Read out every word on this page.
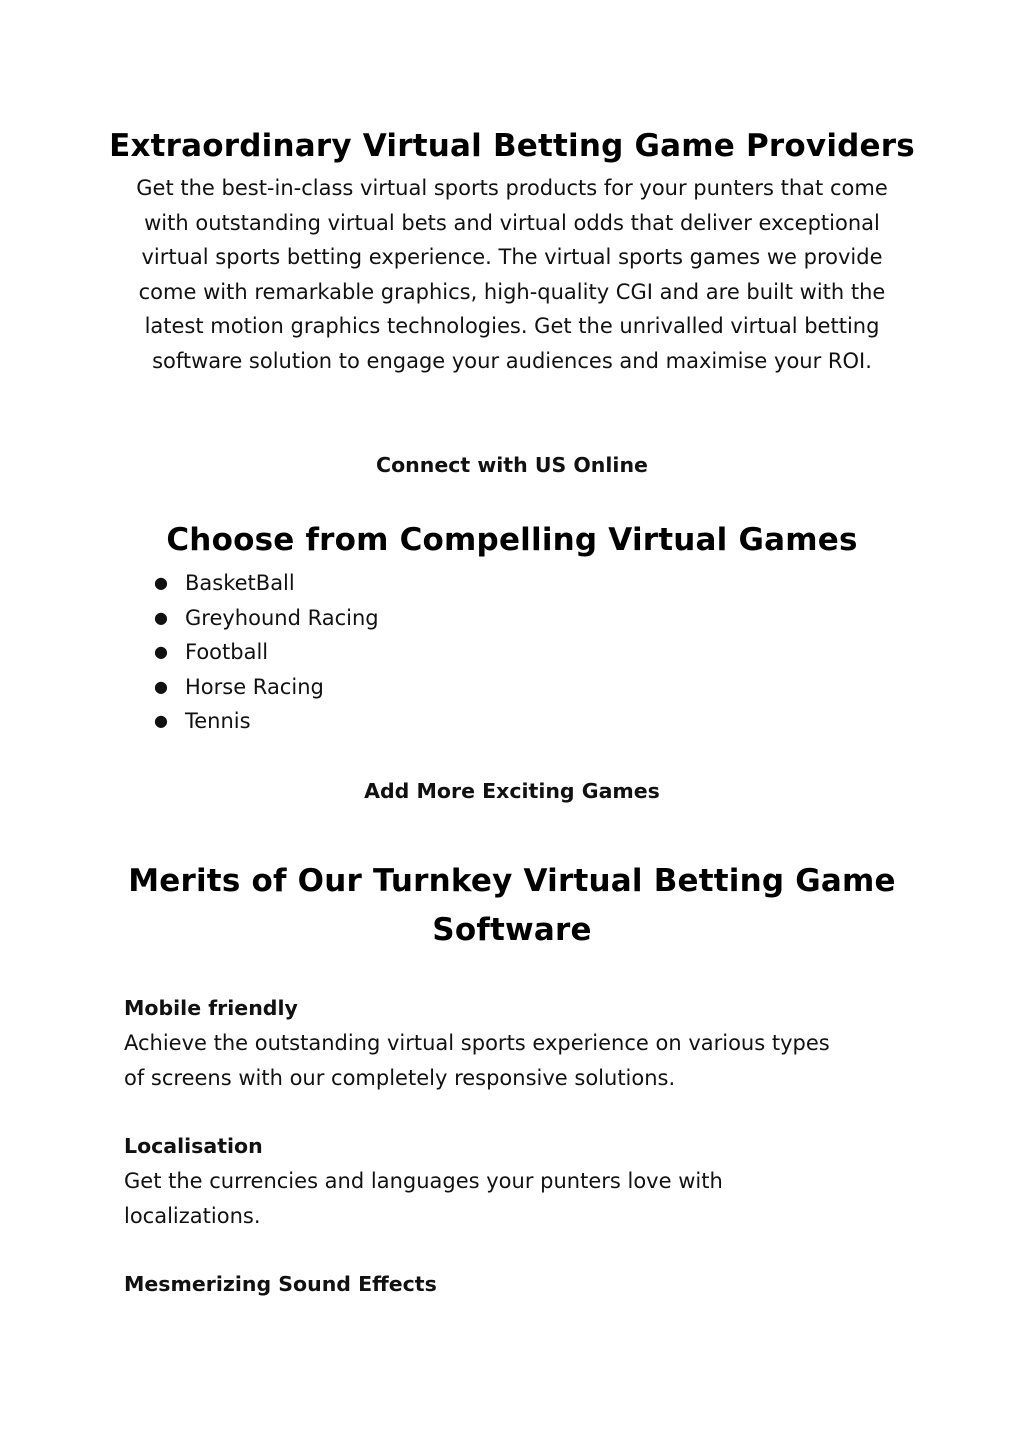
Extraordinary Virtual Betting Game Providers

Get the best-in-class virtual sports products for your punters that come with outstanding virtual bets and virtual odds that deliver exceptional virtual sports betting experience. The virtual sports games we provide come with remarkable graphics, high-quality CGI and are built with the latest motion graphics technologies. Get the unrivalled virtual betting software solution to engage your audiences and maximise your ROI.

Connect with US Online

Choose from Compelling Virtual Games
● BasketBall
● Greyhound Racing
● Football
● Horse Racing
● Tennis

Add More Exciting Games

Merits of Our Turnkey Virtual Betting Game
Software

Mobile friendly

Achieve the outstanding virtual sports experience on various types

of screens with our completely responsive solutions.

Localisation

Get the currencies and languages your punters love with

localizations.

Mesmerizing Sound Effects
